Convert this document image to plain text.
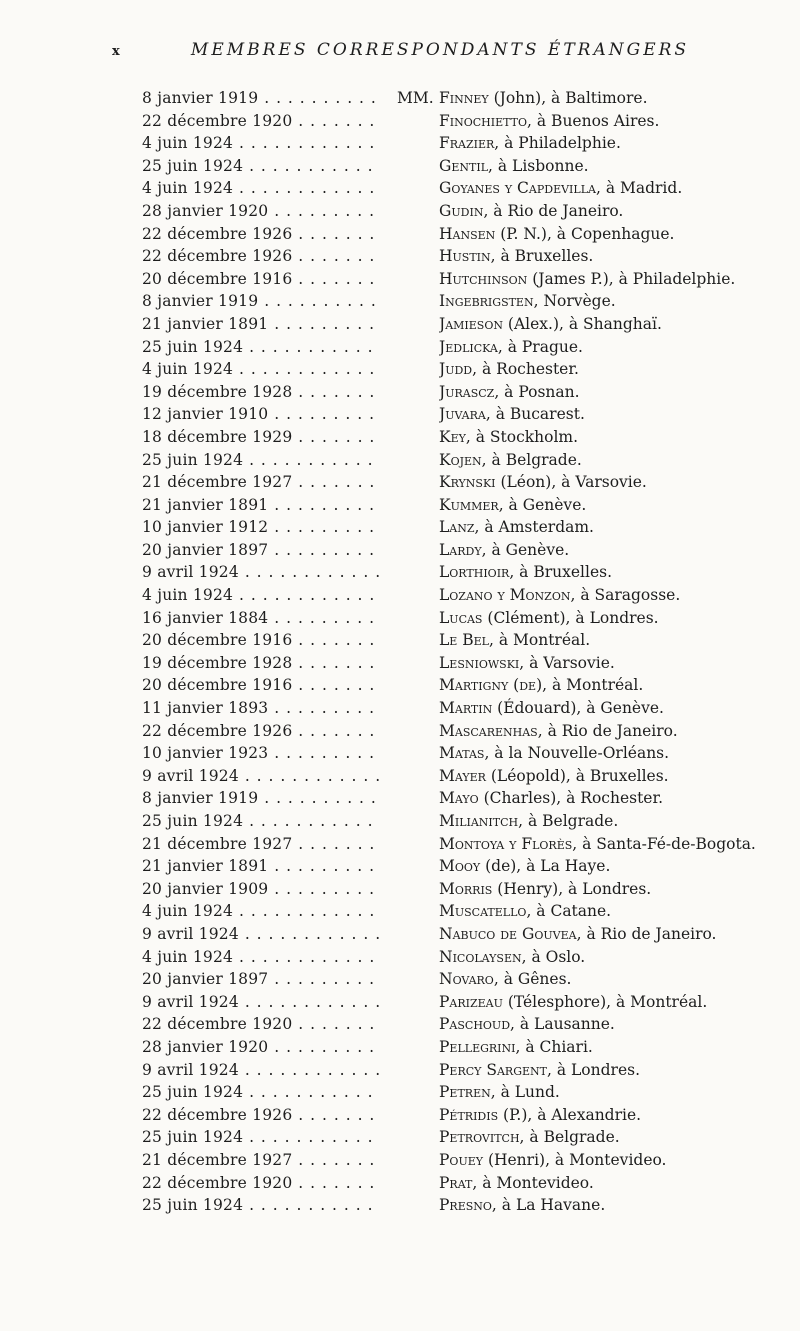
x	MEMBRES CORRESPONDANTS ÉTRANGERS
8 janvier 1919 . . .	MM. Finney (John), à Baltimore.
22 décembre 1920 . . .	Finochietto, à Buenos Aires.
4 juin 1924 . . .	Frazier, à Philadelphie.
25 juin 1924 . . .	Gentil, à Lisbonne.
4 juin 1924 . . .	Goyanes y Capdevilla, à Madrid.
28 janvier 1920 . . .	Gudin, à Rio de Janeiro.
22 décembre 1926 . . .	Hansen (P. N.), à Copenhague.
22 décembre 1926 . . .	Hustin, à Bruxelles.
20 décembre 1916 . . .	Hutchinson (James P.), à Philadelphie.
8 janvier 1919 . . .	Ingebrigsten, Norvège.
21 janvier 1891 . . .	Jamieson (Alex.), à Shanghaï.
25 juin 1924 . . .	Jedlicka, à Prague.
4 juin 1924 . . .	Judd, à Rochester.
19 décembre 1928 . . .	Jurascz, à Posnan.
12 janvier 1910 . . .	Juvara, à Bucarest.
18 décembre 1929 . . .	Key, à Stockholm.
25 juin 1924 . . .	Kojen, à Belgrade.
21 décembre 1927 . . .	Krynski (Léon), à Varsovie.
21 janvier 1891 . . .	Kummer, à Genève.
10 janvier 1912 . . .	Lanz, à Amsterdam.
20 janvier 1897 . . .	Lardy, à Genève.
9 avril 1924 . . .	Lorthioir, à Bruxelles.
4 juin 1924 . . .	Lozano y Monzon, à Saragosse.
16 janvier 1884 . . .	Lucas (Clément), à Londres.
20 décembre 1916 . . .	Le Bel, à Montréal.
19 décembre 1928 . . .	Lesniowski, à Varsovie.
20 décembre 1916 . . .	Martigny (de), à Montréal.
11 janvier 1893 . . .	Martin (Édouard), à Genève.
22 décembre 1926 . . .	Mascarenhas, à Rio de Janeiro.
10 janvier 1923 . . .	Matas, à la Nouvelle-Orléans.
9 avril 1924 . . .	Mayer (Léopold), à Bruxelles.
8 janvier 1919 . . .	Mayo (Charles), à Rochester.
25 juin 1924 . . .	Milianitch, à Belgrade.
21 décembre 1927 . . .	Montoya y Florès, à Santa-Fé-de-Bogota.
21 janvier 1891 . . .	Mooy (de), à La Haye.
20 janvier 1909 . . .	Morris (Henry), à Londres.
4 juin 1924 . . .	Muscatello, à Catane.
9 avril 1924 . . .	Nabuco de Gouvea, à Rio de Janeiro.
4 juin 1924 . . .	Nicolaysen, à Oslo.
20 janvier 1897 . . .	Novaro, à Gênes.
9 avril 1924 . . .	Parizeau (Télesphore), à Montréal.
22 décembre 1920 . . .	Paschoud, à Lausanne.
28 janvier 1920 . . .	Pellegrini, à Chiari.
9 avril 1924 . . .	Percy Sargent, à Londres.
25 juin 1924 . . .	Petren, à Lund.
22 décembre 1926 . . .	Pétridis (P.), à Alexandrie.
25 juin 1924 . . .	Petrovitch, à Belgrade.
21 décembre 1927 . . .	Pouey (Henri), à Montevideo.
22 décembre 1920 . . .	Prat, à Montevideo.
25 juin 1924 . . .	Presno, à La Havane.
